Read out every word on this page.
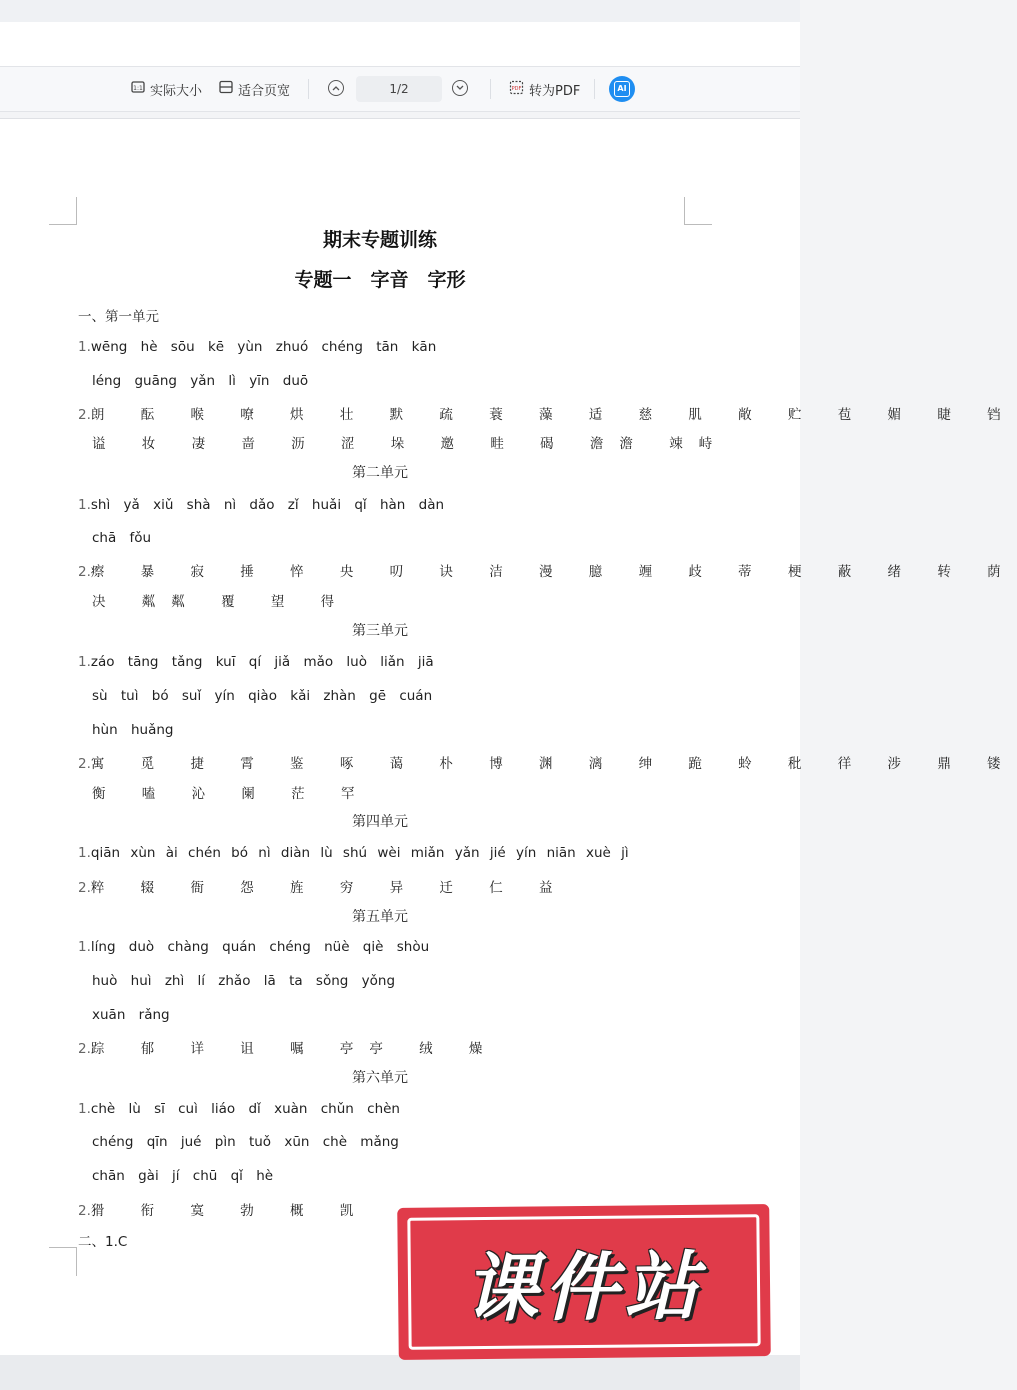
1:1 实际大小	适合页宽	1/2	PDF 转为PDF	AI
期末专题训练
专题一　字音　字形
一、第一单元
1.wēng hè sōu kē yùn zhuó chéng tān kān
léng guāng yǎn lì yīn duō
2.朗 酝 喉 嘹 烘 壮 默 疏 蓑 藻 适 慈 肌 敞 贮 苞 媚 睫 铛
谥 妆 凄 啬 沥 涩 垛 邀 畦 碣 澹澹 竦峙
第二单元
1.shì yǎ xiǔ shà nì dǎo zǐ huǎi qǐ hàn dàn
chā fǒu
2.瘵 暴 寂 捶 悴 央 叨 诀 洁 漫 臆 竰 歧 蒂 梗 蔽 绪 转 荫
决 粼粼 覆 望 得
第三单元
1.záo tāng tǎng kuī qí jiǎ mǎo luò liǎn jiā
sù tuì bó suǐ yín qiào kǎi zhàn gē cuán
hùn huǎng
2.寓 觅 捷 霄 鉴 啄 蔼 朴 博 渊 漓 绅 跪 蛉 秕 徉 涉 鼎 镂
衡 嗑 沁 阑 茫 罕
第四单元
1.qiān xùn ài chén bó nì diàn lù shú wèi miǎn yǎn jié yín niān xuè jì
2.粹 辍 衙 怨 旌 穷 异 迁 仁 益
第五单元
1.líng duò chàng quán chéng nüè qiè shòu
huò huì zhì lí zhǎo lā ta sǒng yǒng
xuān rǎng
2.踪 郁 详 诅 嘱 亭亭 绒 燥
第六单元
1.chè lù sī cuì liáo dǐ xuàn chǔn chèn
chéng qīn jué pìn tuǒ xūn chè mǎng
chān gài jí chū qǐ hè
2.猾 衔 寞 勃 概 凯
二、1.C
课件站
